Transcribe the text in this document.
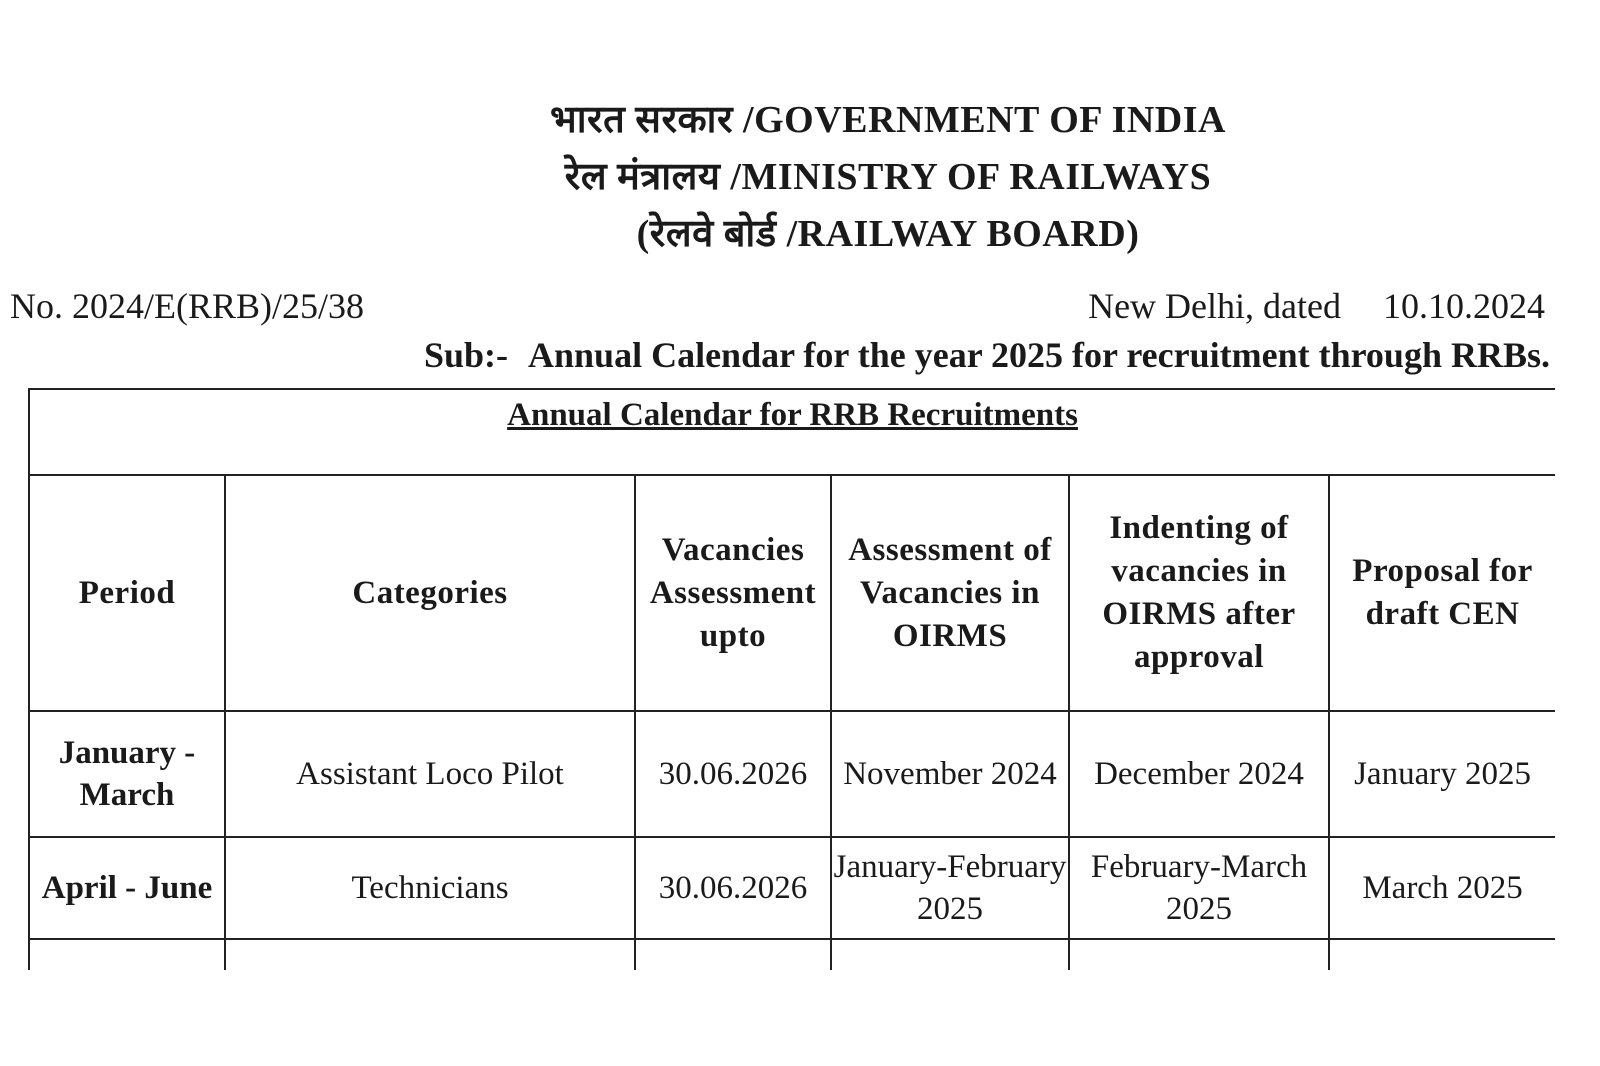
भारत सरकार /GOVERNMENT OF INDIA
रेल मंत्रालय /MINISTRY OF RAILWAYS
(रेलवे बोर्ड /RAILWAY BOARD)
No. 2024/E(RRB)/25/38	New Delhi, dated 10.10.2024
Sub:- Annual Calendar for the year 2025 for recruitment through RRBs.
Annual Calendar for RRB Recruitments					
Period	Categories	Vacancies Assessment upto	Assessment of Vacancies in OIRMS	Indenting of vacancies in OIRMS after approval	Proposal for draft CEN
January - March	Assistant Loco Pilot	30.06.2026	November 2024	December 2024	January 2025
April - June	Technicians	30.06.2026	January-February 2025	February-March 2025	March 2025
